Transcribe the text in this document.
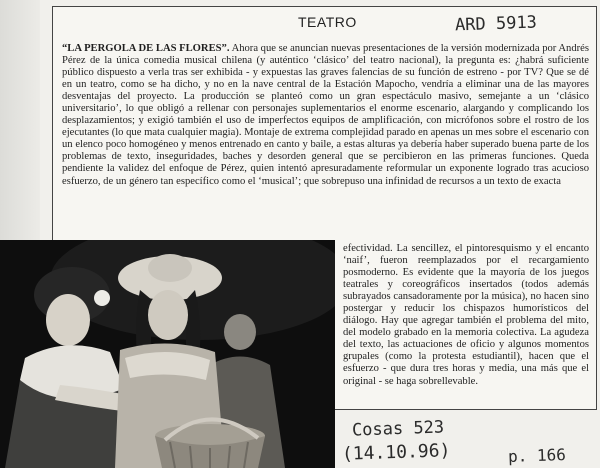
TEATRO	ARD 5913

“LA PERGOLA DE LAS FLORES”. Ahora que se anuncian nuevas presentaciones de la versión modernizada por Andrés Pérez de la única comedia musical chilena (y auténtico ‘clásico’ del teatro nacional), la pregunta es: ¿habrá suficiente público dispuesto a verla tras ser exhibida - y expuestas las graves falencias de su función de estreno - por TV? Que se dé en un teatro, como se ha dicho, y no en la nave central de la Estación Mapocho, vendría a eliminar una de las mayores desventajas del proyecto. La producción se planteó como un gran espectáculo masivo, semejante a un ‘clásico universitario’, lo que obligó a rellenar con personajes suplementarios el enorme escenario, alargando y complicando los desplazamientos; y exigió también el uso de imperfectos equipos de amplificación, con micrófonos sobre el rostro de los ejecutantes (lo que mata cualquier magia). Montaje de extrema complejidad parado en apenas un mes sobre el escenario con un elenco poco homogéneo y menos entrenado en canto y baile, a estas alturas ya debería haber superado buena parte de los problemas de texto, inseguridades, baches y desorden general que se percibieron en las primeras funciones. Queda pendiente la validez del enfoque de Pérez, quien intentó apresuradamente reformular un exponente logrado tras acucioso esfuerzo, de un género tan específico como el ‘musical’; que sobrepuso una infinidad de recursos a un texto de exacta

efectividad. La sencillez, el pintoresquismo y el encanto ‘naif’, fueron reemplazados por el recargamiento posmoderno. Es evidente que la mayoría de los juegos teatrales y coreográficos insertados (todos además subrayados cansadoramente por la música), no hacen sino postergar y reducir los chispazos humorísticos del diálogo. Hay que agregar también el problema del mito, del modelo grabado en la memoria colectiva. La agudeza del texto, las actuaciones de oficio y algunos momentos grupales (como la protesta estudiantil), hacen que el esfuerzo - que dura tres horas y media, una más que el original - se haga sobrellevable.

Cosas 523
(14.10.96)	p. 166
